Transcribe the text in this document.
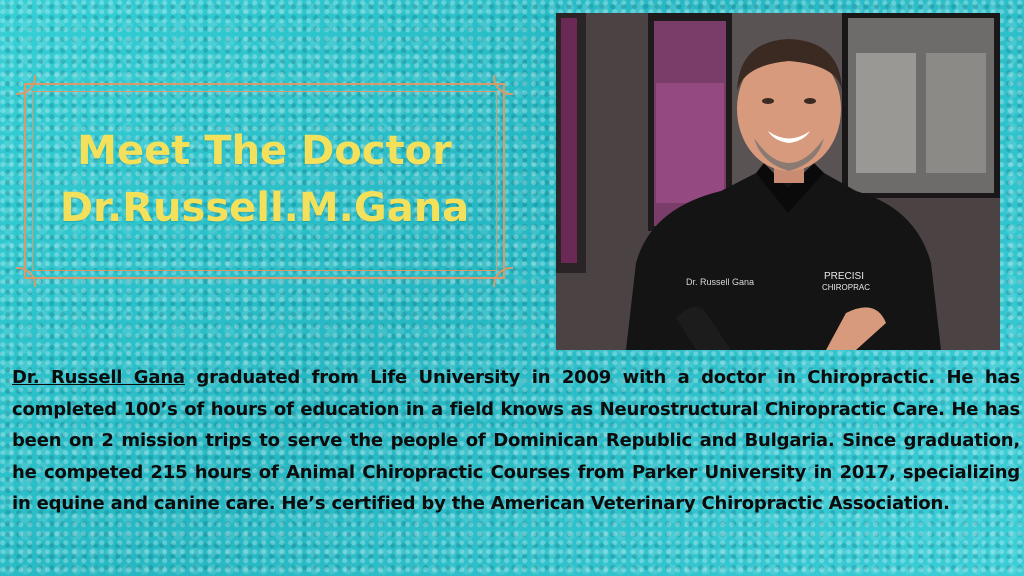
Meet The Doctor
Dr.Russell.M.Gana
Dr. Russell Gana	PRECISI
CHIROPRAC
Dr. Russell Gana graduated from Life University in 2009 with a doctor in Chiropractic. He has completed 100’s of hours of education in a field knows as Neurostructural Chiropractic Care. He has been on 2 mission trips to serve the people of Dominican Republic and Bulgaria. Since graduation, he competed 215 hours of Animal Chiropractic Courses from Parker University in 2017, specializing in equine and canine care. He’s certified by the American Veterinary Chiropractic Association.
